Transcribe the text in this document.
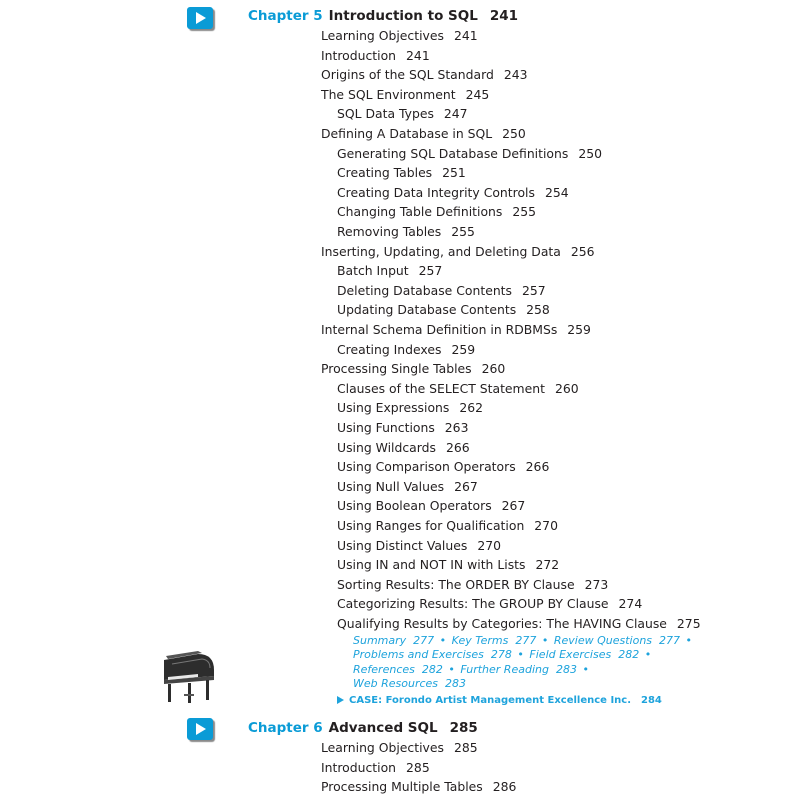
Chapter 5 Introduction to SQL 241
Learning Objectives 241
Introduction 241
Origins of the SQL Standard 243
The SQL Environment 245
SQL Data Types 247
Defining A Database in SQL 250
Generating SQL Database Definitions 250
Creating Tables 251
Creating Data Integrity Controls 254
Changing Table Definitions 255
Removing Tables 255
Inserting, Updating, and Deleting Data 256
Batch Input 257
Deleting Database Contents 257
Updating Database Contents 258
Internal Schema Definition in RDBMSs 259
Creating Indexes 259
Processing Single Tables 260
Clauses of the SELECT Statement 260
Using Expressions 262
Using Functions 263
Using Wildcards 266
Using Comparison Operators 266
Using Null Values 267
Using Boolean Operators 267
Using Ranges for Qualification 270
Using Distinct Values 270
Using IN and NOT IN with Lists 272
Sorting Results: The ORDER BY Clause 273
Categorizing Results: The GROUP BY Clause 274
Qualifying Results by Categories: The HAVING Clause 275
Summary 277 • Key Terms 277 • Review Questions 277 •
Problems and Exercises 278 • Field Exercises 282 •
References 282 • Further Reading 283 •
Web Resources 283
CASE: Forondo Artist Management Excellence Inc. 284
Chapter 6 Advanced SQL 285
Learning Objectives 285
Introduction 285
Processing Multiple Tables 286
